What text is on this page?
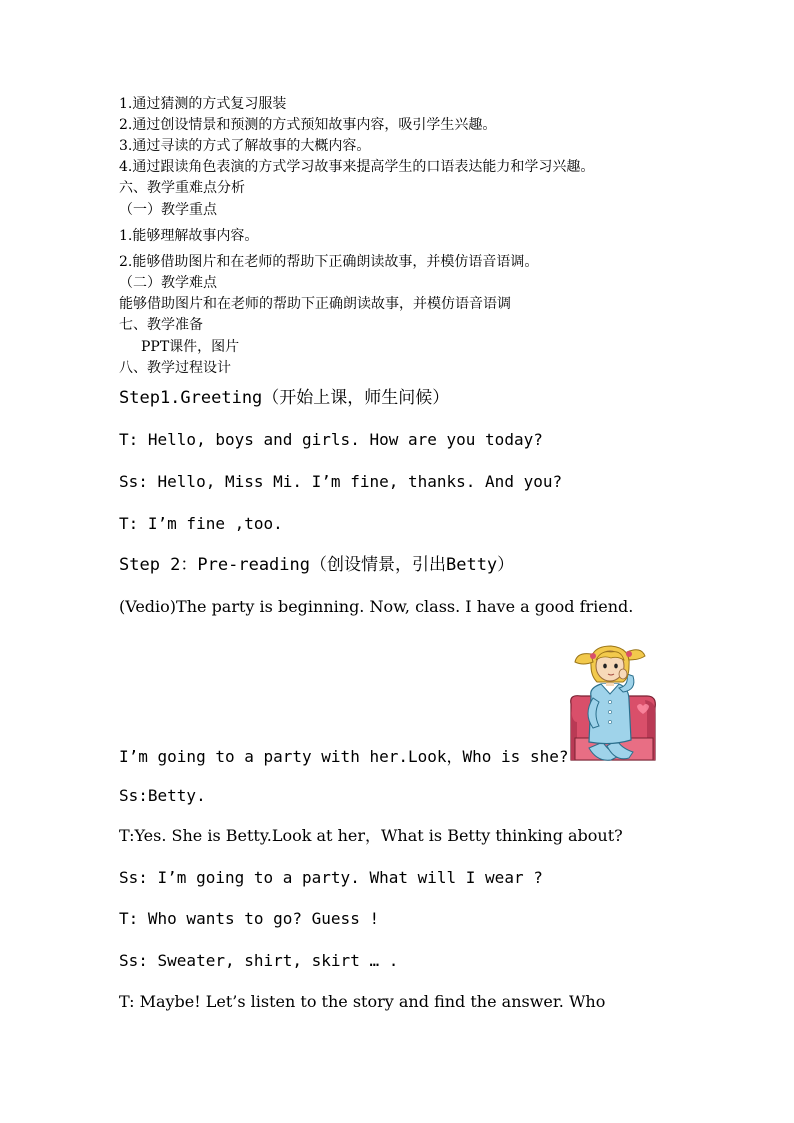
1.通过猜测的方式复习服装
2.通过创设情景和预测的方式预知故事内容，吸引学生兴趣。
3.通过寻读的方式了解故事的大概内容。
4.通过跟读角色表演的方式学习故事来提高学生的口语表达能力和学习兴趣。
六、教学重难点分析
（一）教学重点
1.能够理解故事内容。
2.能够借助图片和在老师的帮助下正确朗读故事，并模仿语音语调。
（二）教学难点
能够借助图片和在老师的帮助下正确朗读故事，并模仿语音语调
七、教学准备
PPT课件，图片
八、教学过程设计
Step1.Greeting（开始上课，师生问候）
T: Hello, boys and girls. How are you today?
Ss: Hello, Miss Mi. I’m fine, thanks. And you?
T: I’m fine ,too.
Step 2：Pre-reading（创设情景，引出Betty）
(Vedio)The party is beginning. Now, class. I have a good friend.
I’m going to a party with her.Look，Who is she?
Ss:Betty.
T:Yes. She is Betty.Look at her，What is Betty thinking about?
Ss: I’m going to a party. What will I wear ?
T: Who wants to go? Guess !
Ss: Sweater, shirt, skirt … .
T: Maybe! Let’s listen to the story and find the answer. Who
